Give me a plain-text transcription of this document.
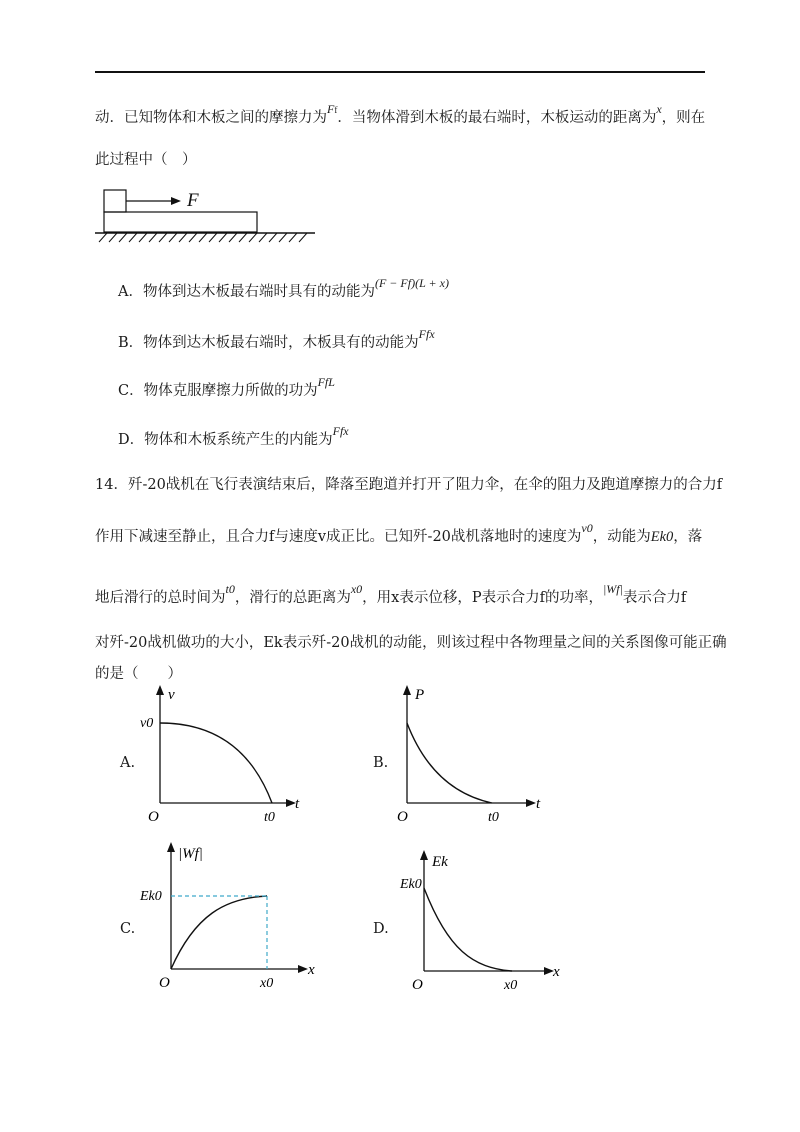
动．已知物体和木板之间的摩擦力为$^{Ff}$．当物体滑到木板的最右端时，木板运动的距离为$^x$，则在
此过程中（　）
F
A．物体到达木板最右端时具有的动能为$^{(F - Ff)(L + x)}$
B．物体到达木板最右端时，木板具有的动能为$^{Ffx}$
C．物体克服摩擦力所做的功为$^{FfL}$
D．物体和木板系统产生的内能为$^{Ffx}$
14．歼-20战机在飞行表演结束后，降落至跑道并打开了阻力伞，在伞的阻力及跑道摩擦力的合力f
作用下减速至静止，且合力f与速度v成正比。已知歼-20战机落地时的速度为$^{v0}$，动能为Ek0，落
地后滑行的总时间为$^{t0}$，滑行的总距离为$^{x0}$，用x表示位移，P表示合力f的功率，$^{|Wf|}$表示合力f
对歼-20战机做功的大小，Ek表示歼-20战机的动能，则该过程中各物理量之间的关系图像可能正确
的是（　　）
A.
v
t
O
v0
t0
B.
P
t
O	t0
C.
|Wf|
x
O
Ek0
x0
D.
Ek
x
O
Ek0
x0
